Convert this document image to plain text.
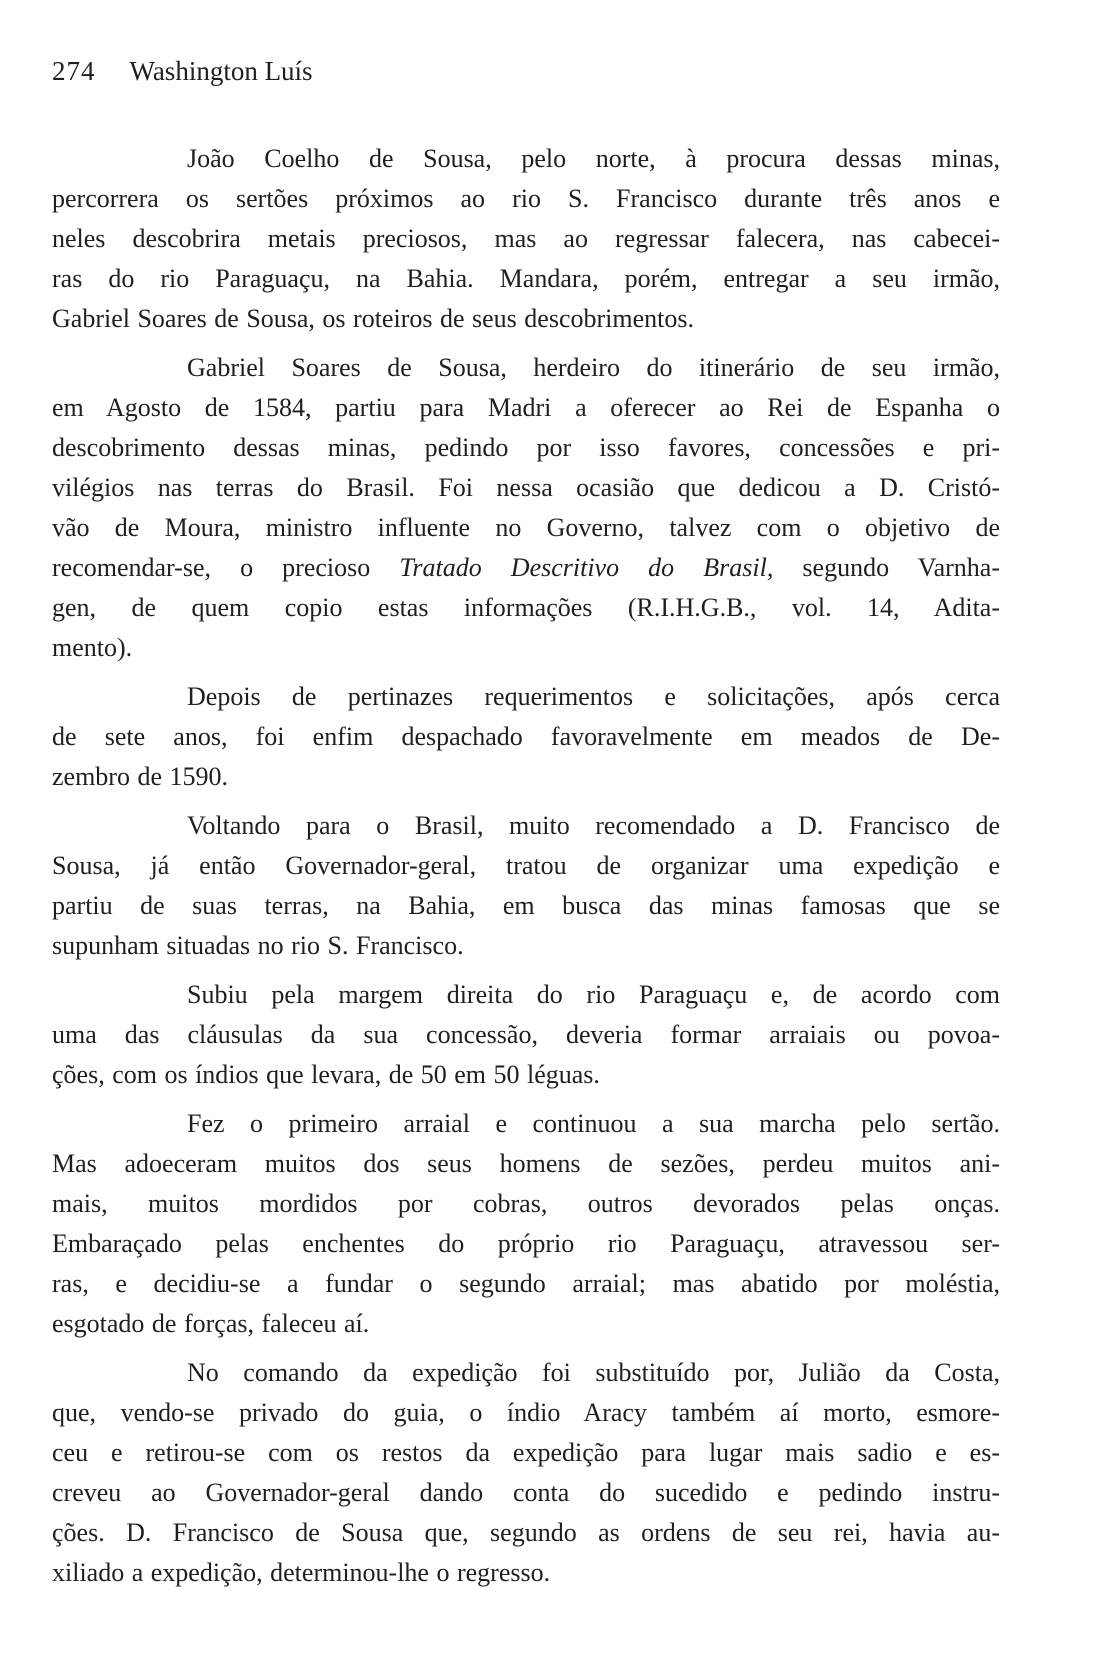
274 Washington Luís
João Coelho de Sousa, pelo norte, à procura dessas minas,
percorrera os sertões próximos ao rio S. Francisco durante três anos e
neles descobrira metais preciosos, mas ao regressar falecera, nas cabecei-
ras do rio Paraguaçu, na Bahia. Mandara, porém, entregar a seu irmão,
Gabriel Soares de Sousa, os roteiros de seus descobrimentos.
Gabriel Soares de Sousa, herdeiro do itinerário de seu irmão,
em Agosto de 1584, partiu para Madri a oferecer ao Rei de Espanha o
descobrimento dessas minas, pedindo por isso favores, concessões e pri-
vilégios nas terras do Brasil. Foi nessa ocasião que dedicou a D. Cristó-
vão de Moura, ministro influente no Governo, talvez com o objetivo de
recomendar-se, o precioso Tratado Descritivo do Brasil, segundo Varnha-
gen, de quem copio estas informações (R.I.H.G.B., vol. 14, Adita-
mento).
Depois de pertinazes requerimentos e solicitações, após cerca
de sete anos, foi enfim despachado favoravelmente em meados de De-
zembro de 1590.
Voltando para o Brasil, muito recomendado a D. Francisco de
Sousa, já então Governador-geral, tratou de organizar uma expedição e
partiu de suas terras, na Bahia, em busca das minas famosas que se
supunham situadas no rio S. Francisco.
Subiu pela margem direita do rio Paraguaçu e, de acordo com
uma das cláusulas da sua concessão, deveria formar arraiais ou povoa-
ções, com os índios que levara, de 50 em 50 léguas.
Fez o primeiro arraial e continuou a sua marcha pelo sertão.
Mas adoeceram muitos dos seus homens de sezões, perdeu muitos ani-
mais, muitos mordidos por cobras, outros devorados pelas onças.
Embaraçado pelas enchentes do próprio rio Paraguaçu, atravessou ser-
ras, e decidiu-se a fundar o segundo arraial; mas abatido por moléstia,
esgotado de forças, faleceu aí.
No comando da expedição foi substituído por, Julião da Costa,
que, vendo-se privado do guia, o índio Aracy também aí morto, esmore-
ceu e retirou-se com os restos da expedição para lugar mais sadio e es-
creveu ao Governador-geral dando conta do sucedido e pedindo instru-
ções. D. Francisco de Sousa que, segundo as ordens de seu rei, havia au-
xiliado a expedição, determinou-lhe o regresso.
